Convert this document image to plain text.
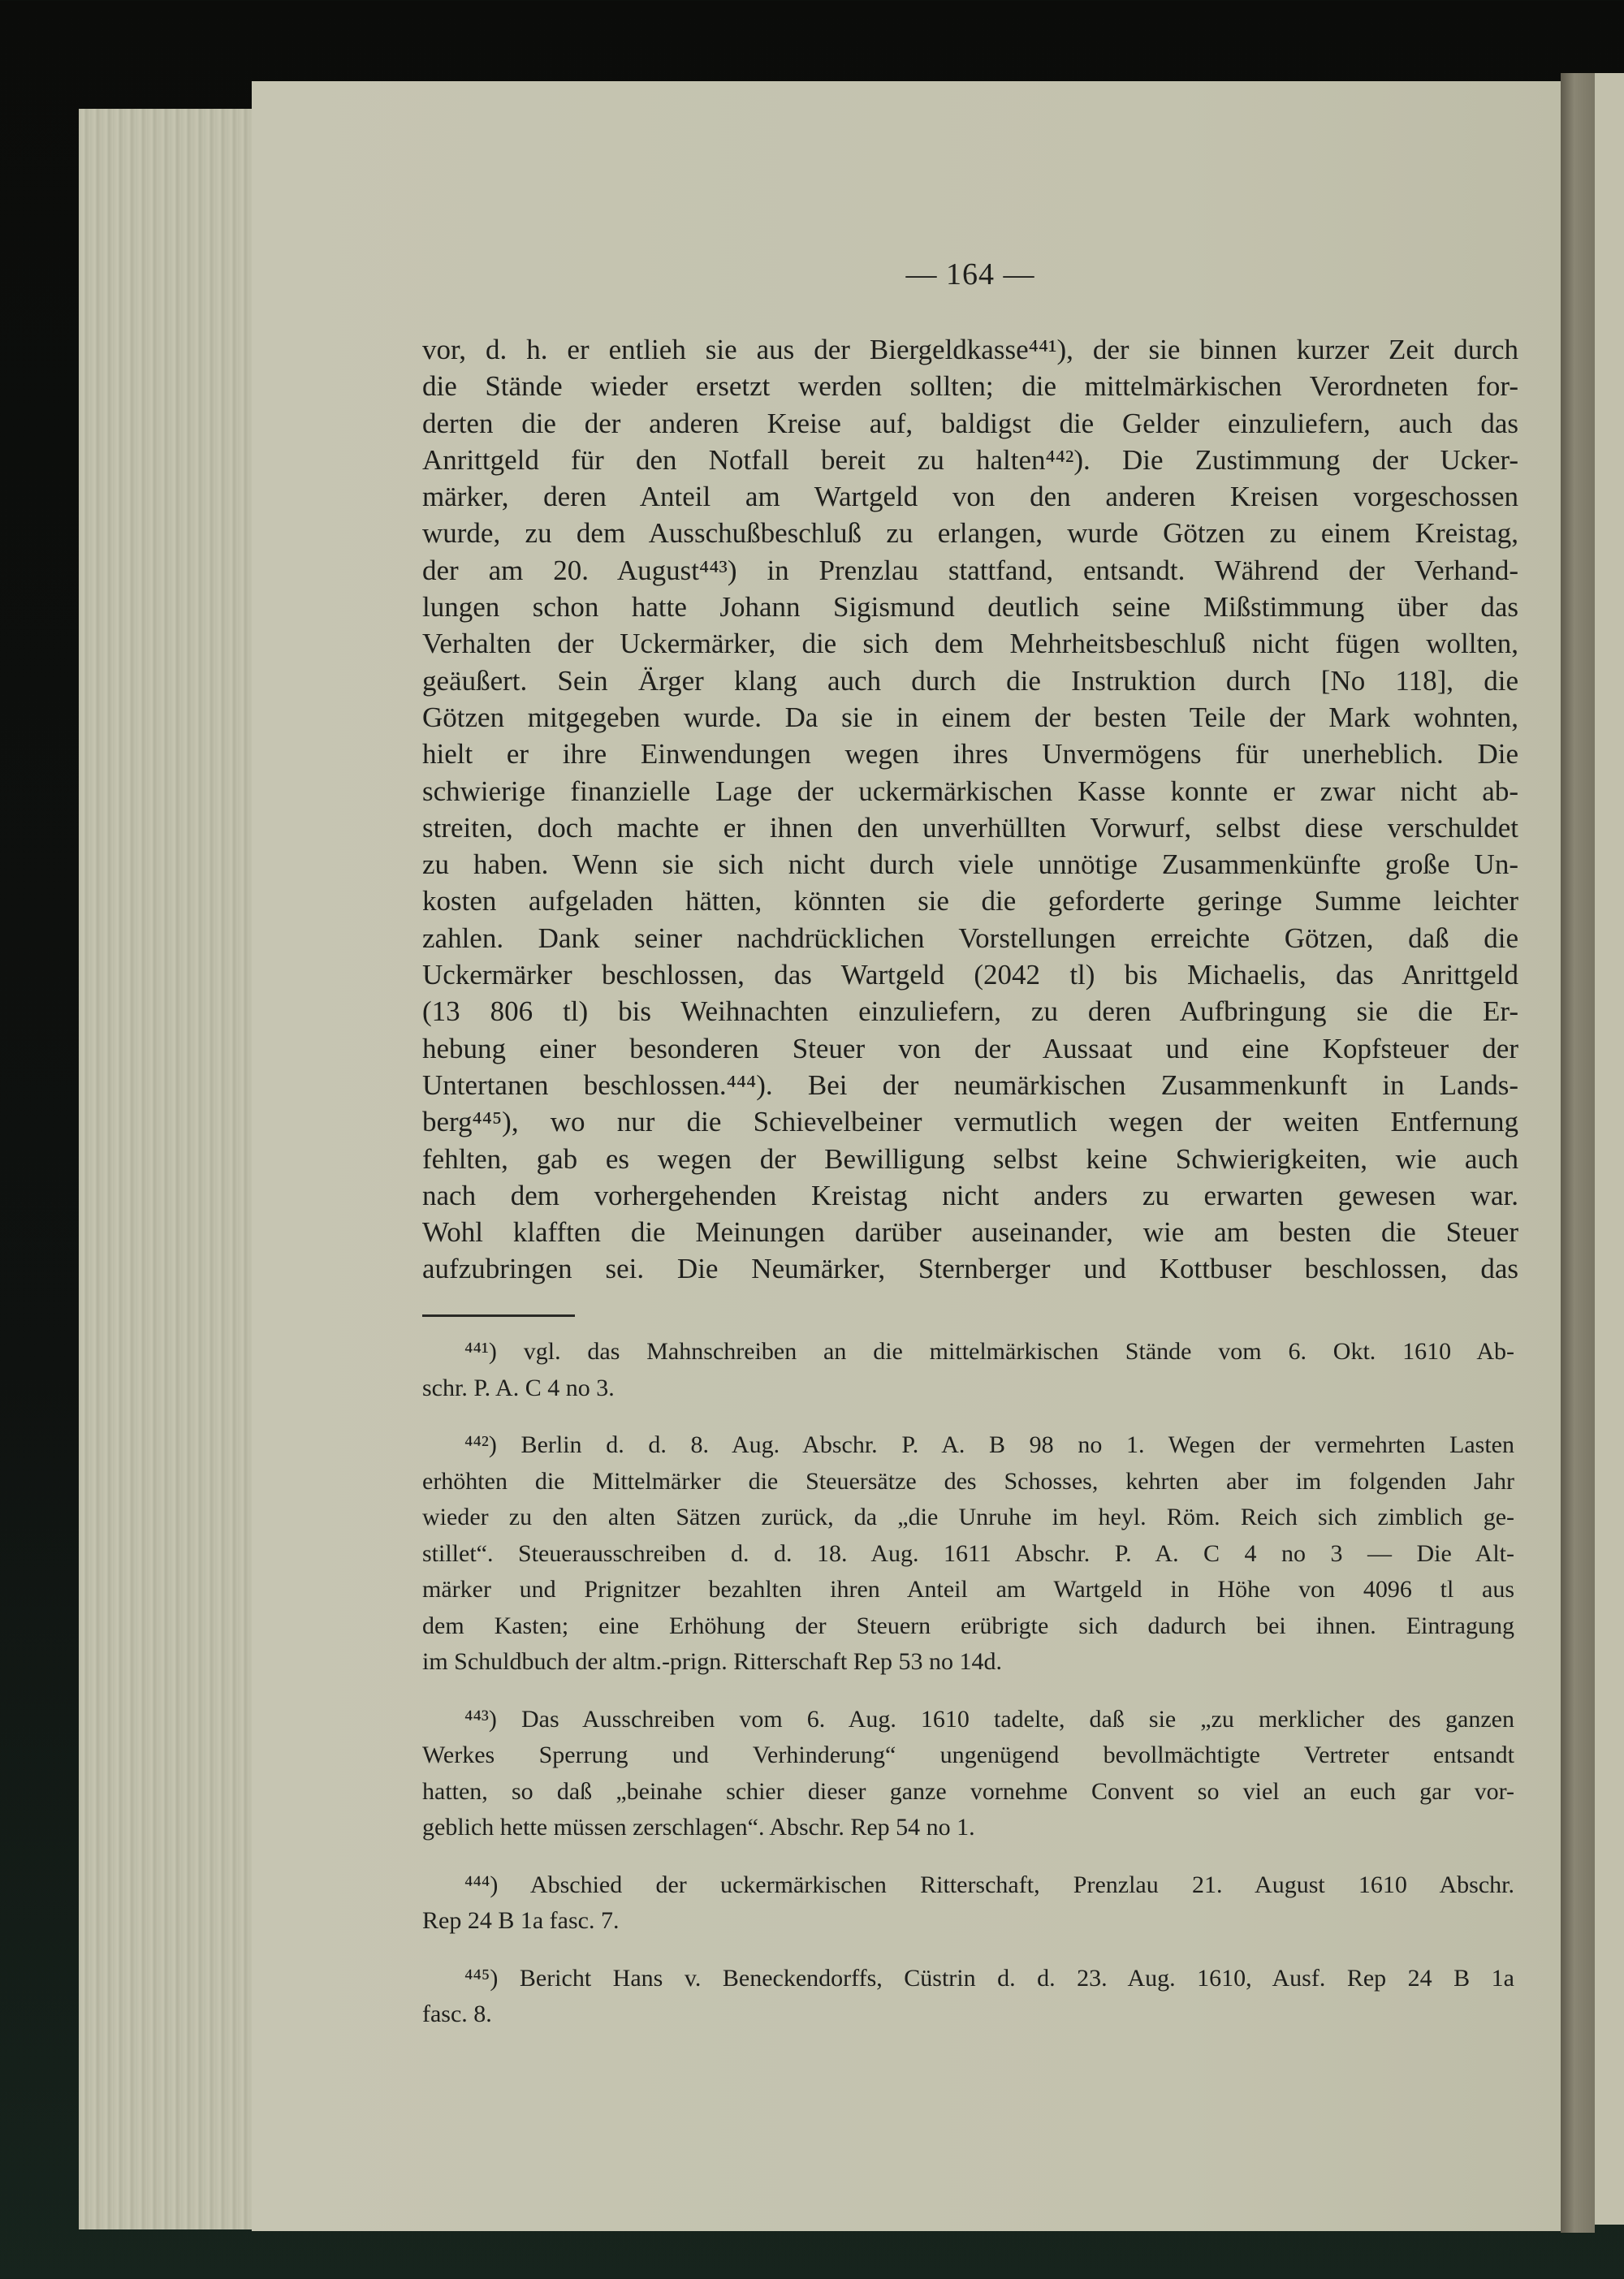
— 164 —
vor, d. h. er entlieh sie aus der Biergeldkasse⁴⁴¹), der sie binnen kurzer Zeit durch
die Stände wieder ersetzt werden sollten; die mittelmärkischen Verordneten for-
derten die der anderen Kreise auf, baldigst die Gelder einzuliefern, auch das
Anrittgeld für den Notfall bereit zu halten⁴⁴²). Die Zustimmung der Ucker-
märker, deren Anteil am Wartgeld von den anderen Kreisen vorgeschossen
wurde, zu dem Ausschußbeschluß zu erlangen, wurde Götzen zu einem Kreistag,
der am 20. August⁴⁴³) in Prenzlau stattfand, entsandt. Während der Verhand-
lungen schon hatte Johann Sigismund deutlich seine Mißstimmung über das
Verhalten der Uckermärker, die sich dem Mehrheitsbeschluß nicht fügen wollten,
geäußert. Sein Ärger klang auch durch die Instruktion durch [No 118], die
Götzen mitgegeben wurde. Da sie in einem der besten Teile der Mark wohnten,
hielt er ihre Einwendungen wegen ihres Unvermögens für unerheblich. Die
schwierige finanzielle Lage der uckermärkischen Kasse konnte er zwar nicht ab-
streiten, doch machte er ihnen den unverhüllten Vorwurf, selbst diese verschuldet
zu haben. Wenn sie sich nicht durch viele unnötige Zusammenkünfte große Un-
kosten aufgeladen hätten, könnten sie die geforderte geringe Summe leichter
zahlen. Dank seiner nachdrücklichen Vorstellungen erreichte Götzen, daß die
Uckermärker beschlossen, das Wartgeld (2042 tl) bis Michaelis, das Anrittgeld
(13 806 tl) bis Weihnachten einzuliefern, zu deren Aufbringung sie die Er-
hebung einer besonderen Steuer von der Aussaat und eine Kopfsteuer der
Untertanen beschlossen.⁴⁴⁴). Bei der neumärkischen Zusammenkunft in Lands-
berg⁴⁴⁵), wo nur die Schievelbeiner vermutlich wegen der weiten Entfernung
fehlten, gab es wegen der Bewilligung selbst keine Schwierigkeiten, wie auch
nach dem vorhergehenden Kreistag nicht anders zu erwarten gewesen war.
Wohl klafften die Meinungen darüber auseinander, wie am besten die Steuer
aufzubringen sei. Die Neumärker, Sternberger und Kottbuser beschlossen, das
⁴⁴¹) vgl. das Mahnschreiben an die mittelmärkischen Stände vom 6. Okt. 1610 Ab-
schr. P. A. C 4 no 3.
⁴⁴²) Berlin d. d. 8. Aug. Abschr. P. A. B 98 no 1. Wegen der vermehrten Lasten
erhöhten die Mittelmärker die Steuersätze des Schosses, kehrten aber im folgenden Jahr
wieder zu den alten Sätzen zurück, da „die Unruhe im heyl. Röm. Reich sich zimblich ge-
stillet“. Steuerausschreiben d. d. 18. Aug. 1611 Abschr. P. A. C 4 no 3 — Die Alt-
märker und Prignitzer bezahlten ihren Anteil am Wartgeld in Höhe von 4096 tl aus
dem Kasten; eine Erhöhung der Steuern erübrigte sich dadurch bei ihnen. Eintragung
im Schuldbuch der altm.-prign. Ritterschaft Rep 53 no 14d.
⁴⁴³) Das Ausschreiben vom 6. Aug. 1610 tadelte, daß sie „zu merklicher des ganzen
Werkes Sperrung und Verhinderung“ ungenügend bevollmächtigte Vertreter entsandt
hatten, so daß „beinahe schier dieser ganze vornehme Convent so viel an euch gar vor-
geblich hette müssen zerschlagen“. Abschr. Rep 54 no 1.
⁴⁴⁴) Abschied der uckermärkischen Ritterschaft, Prenzlau 21. August 1610 Abschr.
Rep 24 B 1a fasc. 7.
⁴⁴⁵) Bericht Hans v. Beneckendorffs, Cüstrin d. d. 23. Aug. 1610, Ausf. Rep 24 B 1a
fasc. 8.
